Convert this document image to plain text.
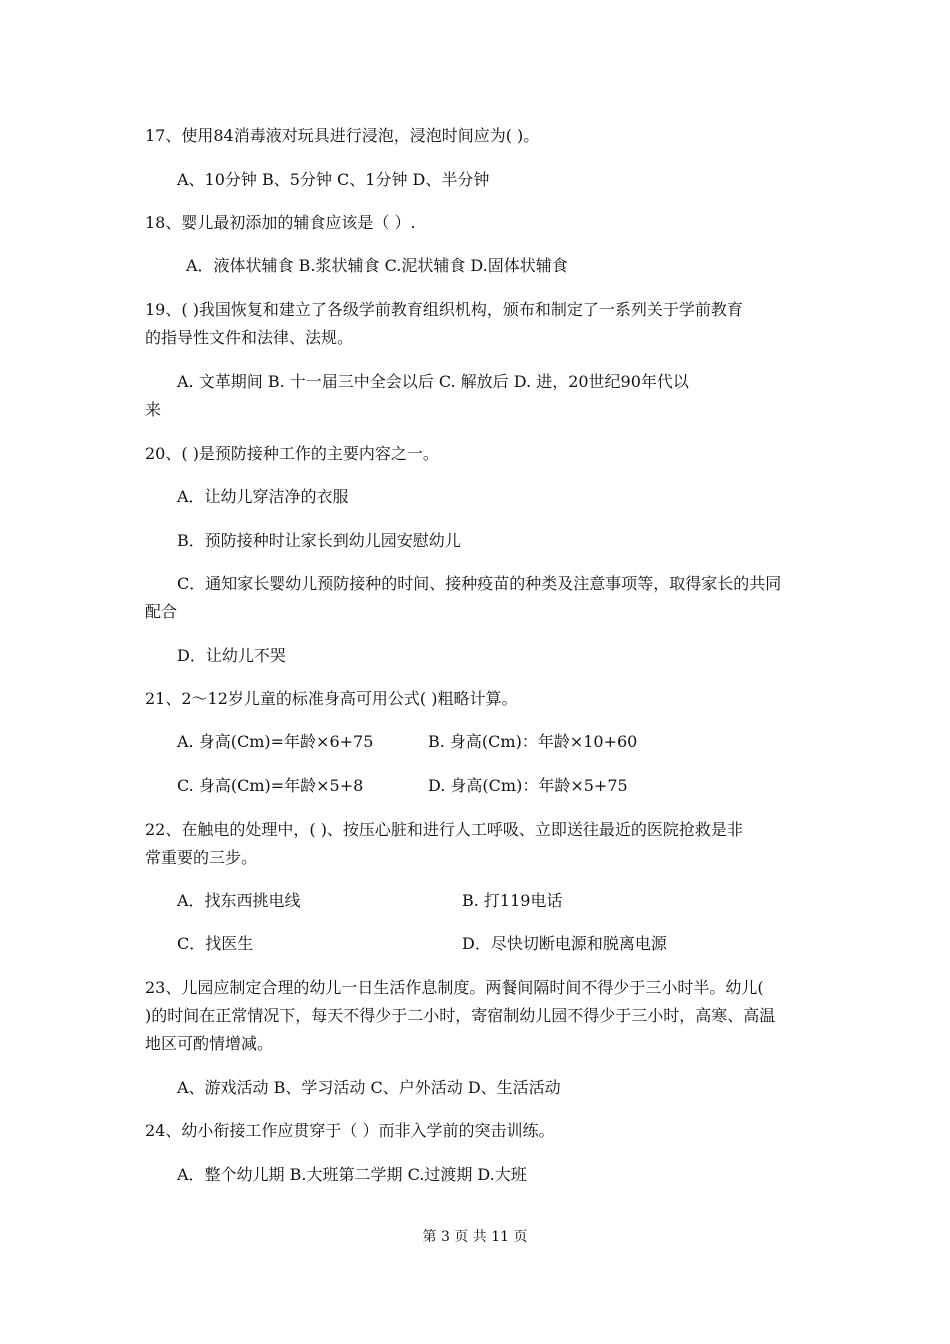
17、使用84消毒液对玩具进行浸泡，浸泡时间应为( )。
A、10分钟 B、5分钟 C、1分钟 D、半分钟
18、婴儿最初添加的辅食应该是（ ）.
A．液体状辅食 B.浆状辅食 C.泥状辅食 D.固体状辅食
19、( )我国恢复和建立了各级学前教育组织机构，颁布和制定了一系列关于学前教育
的指导性文件和法律、法规。
A. 文革期间 B. 十一届三中全会以后 C. 解放后 D. 进，20世纪90年代以
来
20、( )是预防接种工作的主要内容之一。
A．让幼儿穿洁净的衣服
B．预防接种时让家长到幼儿园安慰幼儿
C．通知家长婴幼儿预防接种的时间、接种疫苗的种类及注意事项等，取得家长的共同
配合
D．让幼儿不哭
21、2～12岁儿童的标准身高可用公式( )粗略计算。
A. 身高(Cm)=年龄×6+75	B. 身高(Cm)：年龄×10+60
C. 身高(Cm)=年龄×5+8	D. 身高(Cm)：年龄×5+75
22、在触电的处理中，( )、按压心脏和进行人工呼吸、立即送往最近的医院抢救是非
常重要的三步。
A．找东西挑电线	B. 打119电话
C．找医生	D．尽快切断电源和脱离电源
23、儿园应制定合理的幼儿一日生活作息制度。两餐间隔时间不得少于三小时半。幼儿(
)的时间在正常情况下，每天不得少于二小时，寄宿制幼儿园不得少于三小时，高寒、高温
地区可酌情增减。
A、游戏活动 B、学习活动 C、户外活动 D、生活活动
24、幼小衔接工作应贯穿于（ ）而非入学前的突击训练。
A．整个幼儿期 B.大班第二学期 C.过渡期 D.大班
第 3 页 共 11 页
